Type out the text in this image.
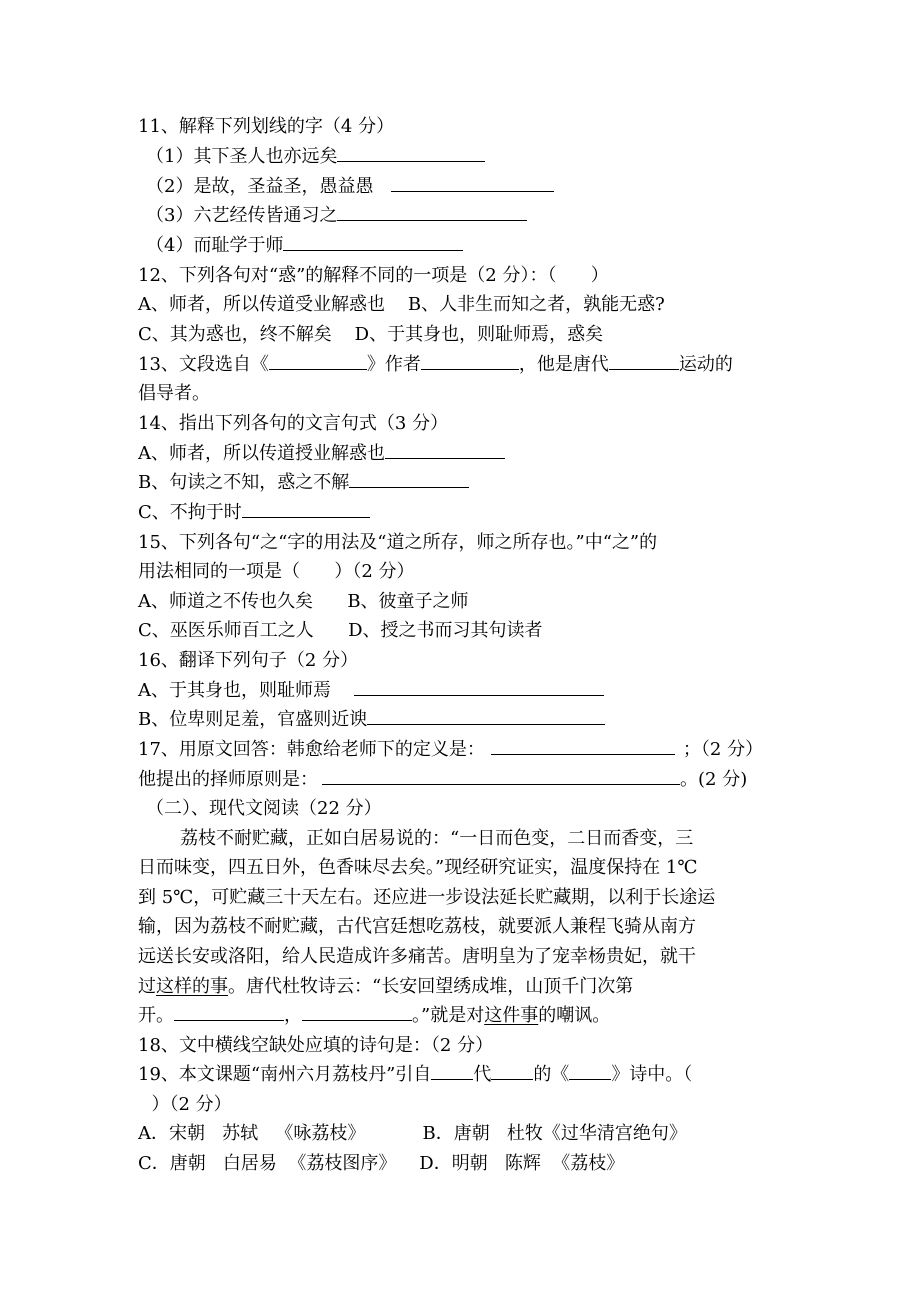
11、解释下列划线的字（4 分）
（1）其下圣人也亦远矣
（2）是故，圣益圣，愚益愚
（3）六艺经传皆通习之
（4）而耻学于师
12、下列各句对“惑”的解释不同的一项是（2 分）：（      ）
A、师者，所以传道受业解惑也    B、人非生而知之者，孰能无惑?
C、其为惑也，终不解矣    D、于其身也，则耻师焉，惑矣
13、文段选自《	》作者	，他是唐代	运动的
倡导者。
14、指出下列各句的文言句式（3 分）
A、师者，所以传道授业解惑也
B、句读之不知，惑之不解
C、不拘于时
15、下列各句“之“字的用法及“道之所存，师之所存也。”中“之”的
用法相同的一项是（      ）（2 分）
A、师道之不传也久矣      B、彼童子之师
C、巫医乐师百工之人      D、授之书而习其句读者
16、翻译下列句子（2 分）
A、于其身也，则耻师焉
B、位卑则足羞，官盛则近谀
17、用原文回答：韩愈给老师下的定义是：	；（2 分）
他提出的择师原则是：	。(2 分)
（二）、现代文阅读（22 分）
荔枝不耐贮藏，正如白居易说的：“一日而色变，二日而香变，三
日而味变，四五日外，色香味尽去矣。”现经研究证实，温度保持在 1℃
到 5℃，可贮藏三十天左右。还应进一步设法延长贮藏期，以利于长途运
输，因为荔枝不耐贮藏，古代宫廷想吃荔枝，就要派人兼程飞骑从南方
远送长安或洛阳，给人民造成许多痛苦。唐明皇为了宠幸杨贵妃，就干
过这样的事。唐代杜牧诗云：“长安回望绣成堆，山顶千门次第
开。	，	。”就是对这件事的嘲讽。
18、文中横线空缺处应填的诗句是：（2 分）
19、本文课题“南州六月荔枝丹”引自 代 的《 》诗中。（
）（2 分）
A．宋朝   苏轼   《咏荔枝》          B．唐朝   杜牧《过华清宫绝句》
C．唐朝   白居易  《荔枝图序》    D．明朝   陈辉  《荔枝》
